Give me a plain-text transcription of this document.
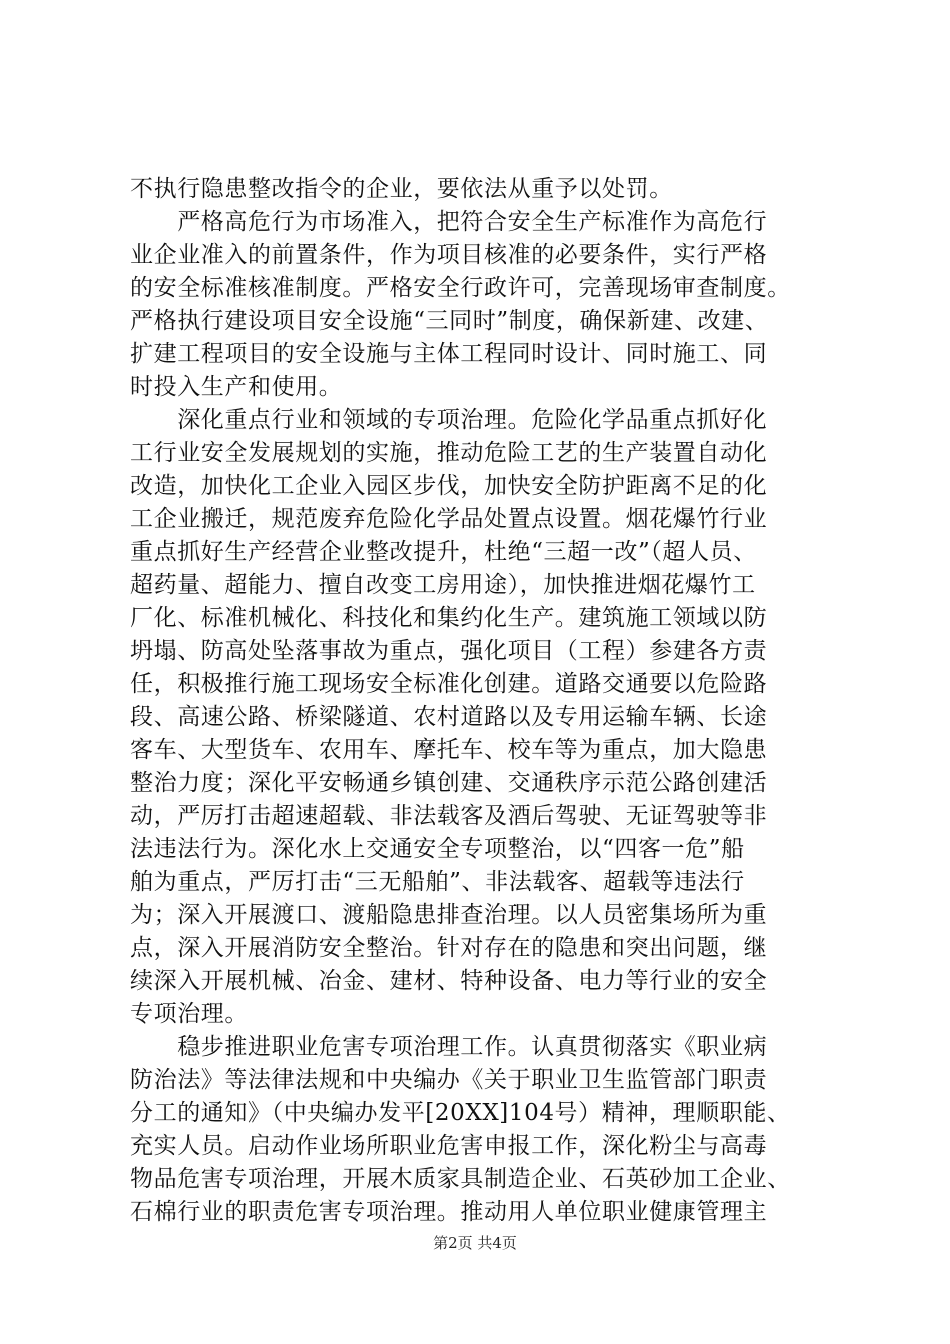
不执行隐患整改指令的企业，要依法从重予以处罚。
　　严格高危行为市场准入，把符合安全生产标准作为高危行
业企业准入的前置条件，作为项目核准的必要条件，实行严格
的安全标准核准制度。严格安全行政许可，完善现场审查制度。
严格执行建设项目安全设施“三同时”制度，确保新建、改建、
扩建工程项目的安全设施与主体工程同时设计、同时施工、同
时投入生产和使用。
　　深化重点行业和领域的专项治理。危险化学品重点抓好化
工行业安全发展规划的实施，推动危险工艺的生产装置自动化
改造，加快化工企业入园区步伐，加快安全防护距离不足的化
工企业搬迁，规范废弃危险化学品处置点设置。烟花爆竹行业
重点抓好生产经营企业整改提升，杜绝“三超一改”（超人员、
超药量、超能力、擅自改变工房用途），加快推进烟花爆竹工
厂化、标准机械化、科技化和集约化生产。建筑施工领域以防
坍塌、防高处坠落事故为重点，强化项目（工程）参建各方责
任，积极推行施工现场安全标准化创建。道路交通要以危险路
段、高速公路、桥梁隧道、农村道路以及专用运输车辆、长途
客车、大型货车、农用车、摩托车、校车等为重点，加大隐患
整治力度；深化平安畅通乡镇创建、交通秩序示范公路创建活
动，严厉打击超速超载、非法载客及酒后驾驶、无证驾驶等非
法违法行为。深化水上交通安全专项整治，以“四客一危”船
舶为重点，严厉打击“三无船舶”、非法载客、超载等违法行
为；深入开展渡口、渡船隐患排查治理。以人员密集场所为重
点，深入开展消防安全整治。针对存在的隐患和突出问题，继
续深入开展机械、冶金、建材、特种设备、电力等行业的安全
专项治理。
　　稳步推进职业危害专项治理工作。认真贯彻落实《职业病
防治法》等法律法规和中央编办《关于职业卫生监管部门职责
分工的通知》（中央编办发平[20XX]104号）精神，理顺职能、
充实人员。启动作业场所职业危害申报工作，深化粉尘与高毒
物品危害专项治理，开展木质家具制造企业、石英砂加工企业、
石棉行业的职责危害专项治理。推动用人单位职业健康管理主
第2页 共4页
